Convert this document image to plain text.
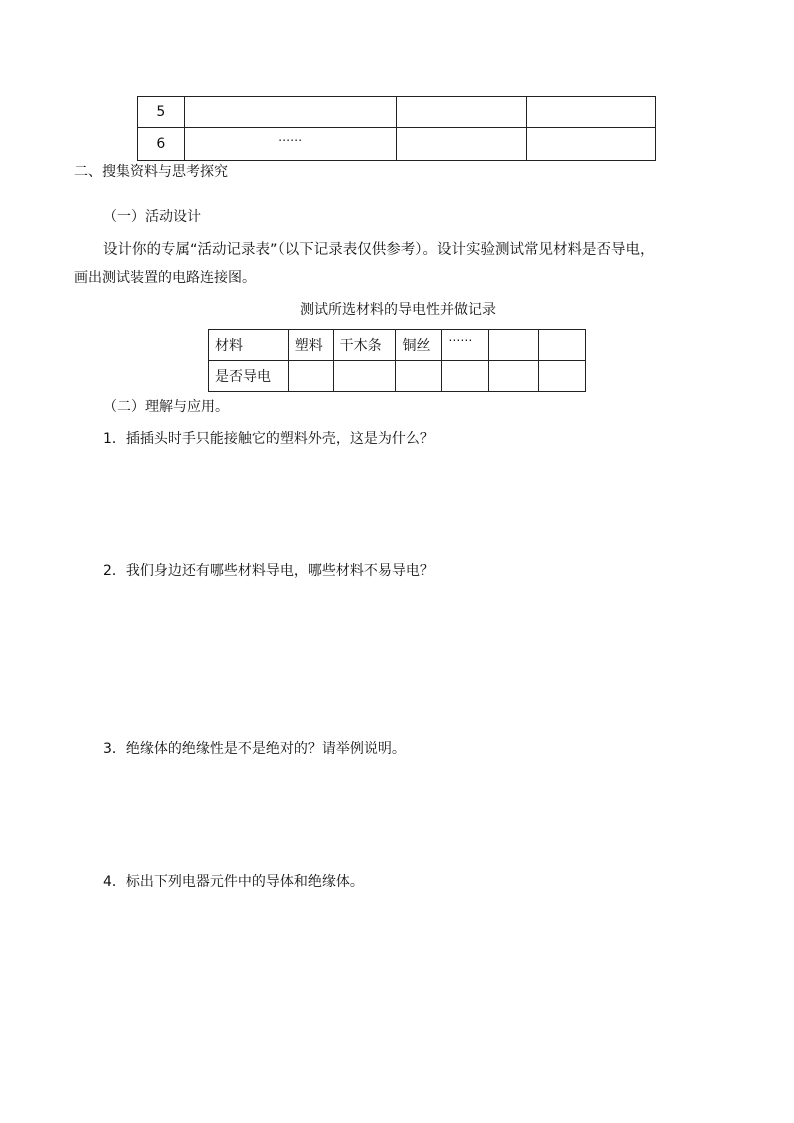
5			
6	……		
二、搜集资料与思考探究
（一）活动设计
设计你的专属“活动记录表”（以下记录表仅供参考）。设计实验测试常见材料是否导电，
画出测试装置的电路连接图。
测试所选材料的导电性并做记录
材料	塑料	干木条	铜丝	……		
是否导电						
（二）理解与应用。
1．插插头时手只能接触它的塑料外壳，这是为什么？
2．我们身边还有哪些材料导电，哪些材料不易导电？
3．绝缘体的绝缘性是不是绝对的？请举例说明。
4．标出下列电器元件中的导体和绝缘体。
